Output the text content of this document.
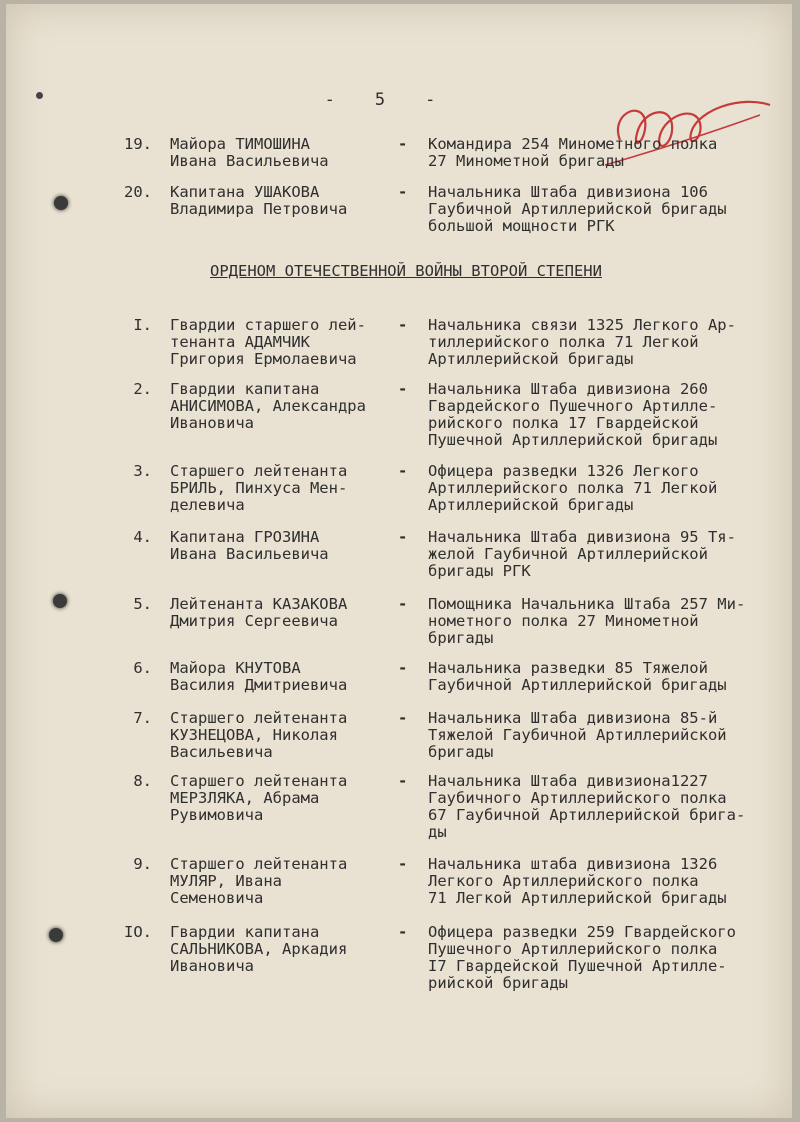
-5-
19. Майора ТИМОШИНА
Ивана Васильевича
- Командира 254 Минометного полка
27 Минометной бригады
20. Капитана УШАКОВА
Владимира Петровича
- Начальника Штаба дивизиона 106
Гаубичной Артиллерийской бригады
большой мощности РГК
ОРДЕНОМ ОТЕЧЕСТВЕННОЙ ВОЙНЫ ВТОРОЙ СТЕПЕНИ
I. Гвардии старшего лей-
тенанта АДАМЧИК
Григория Ермолаевича
- Начальника связи 1325 Легкого Ар-
тиллерийского полка 71 Легкой
Артиллерийской бригады
2. Гвардии капитана
АНИСИМОВА, Александра
Ивановича
- Начальника Штаба дивизиона 260
Гвардейского Пушечного Артилле-
рийского полка 17 Гвардейской
Пушечной Артиллерийской бригады
3. Старшего лейтенанта
БРИЛЬ, Пинхуса Мен-
делевича
- Офицера разведки 1326 Легкого
Артиллерийского полка 71 Легкой
Артиллерийской бригады
4. Капитана ГРОЗИНА
Ивана Васильевича
- Начальника Штаба дивизиона 95 Тя-
желой Гаубичной Артиллерийской
бригады РГК
5. Лейтенанта КАЗАКОВА
Дмитрия Сергеевича
- Помощника Начальника Штаба 257 Ми-
нометного полка 27 Минометной
бригады
6. Майора КНУТОВА
Василия Дмитриевича
- Начальника разведки 85 Тяжелой
Гаубичной Артиллерийской бригады
7. Старшего лейтенанта
КУЗНЕЦОВА, Николая
Васильевича
- Начальника Штаба дивизиона 85-й
Тяжелой Гаубичной Артиллерийской
бригады
8. Старшего лейтенанта
МЕРЗЛЯКА, Абрама
Рувимовича
- Начальника Штаба дивизиона1227
Гаубичного Артиллерийского полка
67 Гаубичной Артиллерийской брига-
ды
9. Старшего лейтенанта
МУЛЯР, Ивана
Семеновича
- Начальника штаба дивизиона 1326
Легкого Артиллерийского полка
71 Легкой Артиллерийской бригады
IO. Гвардии капитана
САЛЬНИКОВА, Аркадия
Ивановича
- Офицера разведки 259 Гвардейского
Пушечного Артиллерийского полка
I7 Гвардейской Пушечной Артилле-
рийской бригады
